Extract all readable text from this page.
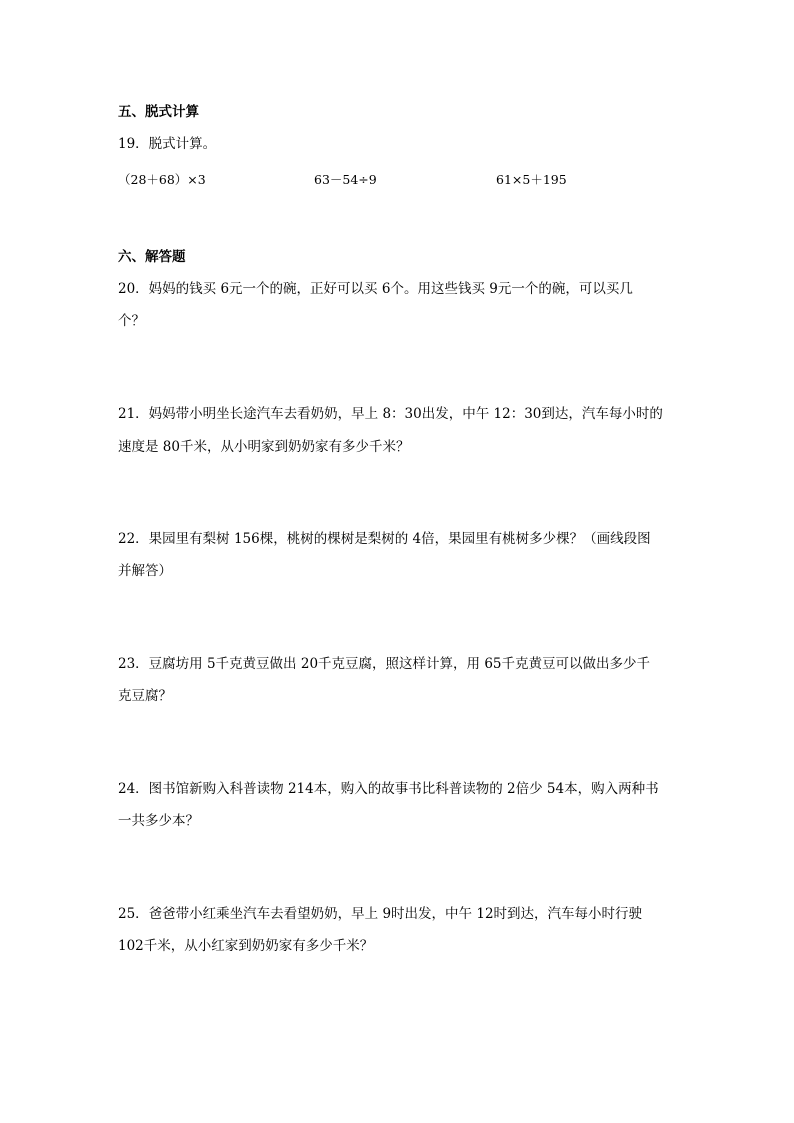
五、脱式计算
19．脱式计算。
（28＋68）×3	63－54÷9	61×5＋195
六、解答题
20．妈妈的钱买 6元一个的碗，正好可以买 6个。用这些钱买 9元一个的碗，可以买几
个？
21．妈妈带小明坐长途汽车去看奶奶，早上 8：30出发，中午 12：30到达，汽车每小时的
速度是 80千米，从小明家到奶奶家有多少千米？
22．果园里有梨树 156棵，桃树的棵树是梨树的 4倍，果园里有桃树多少棵？（画线段图
并解答）
23．豆腐坊用 5千克黄豆做出 20千克豆腐，照这样计算，用 65千克黄豆可以做出多少千
克豆腐？
24．图书馆新购入科普读物 214本，购入的故事书比科普读物的 2倍少 54本，购入两种书
一共多少本？
25．爸爸带小红乘坐汽车去看望奶奶，早上 9时出发，中午 12时到达，汽车每小时行驶
102千米，从小红家到奶奶家有多少千米？
